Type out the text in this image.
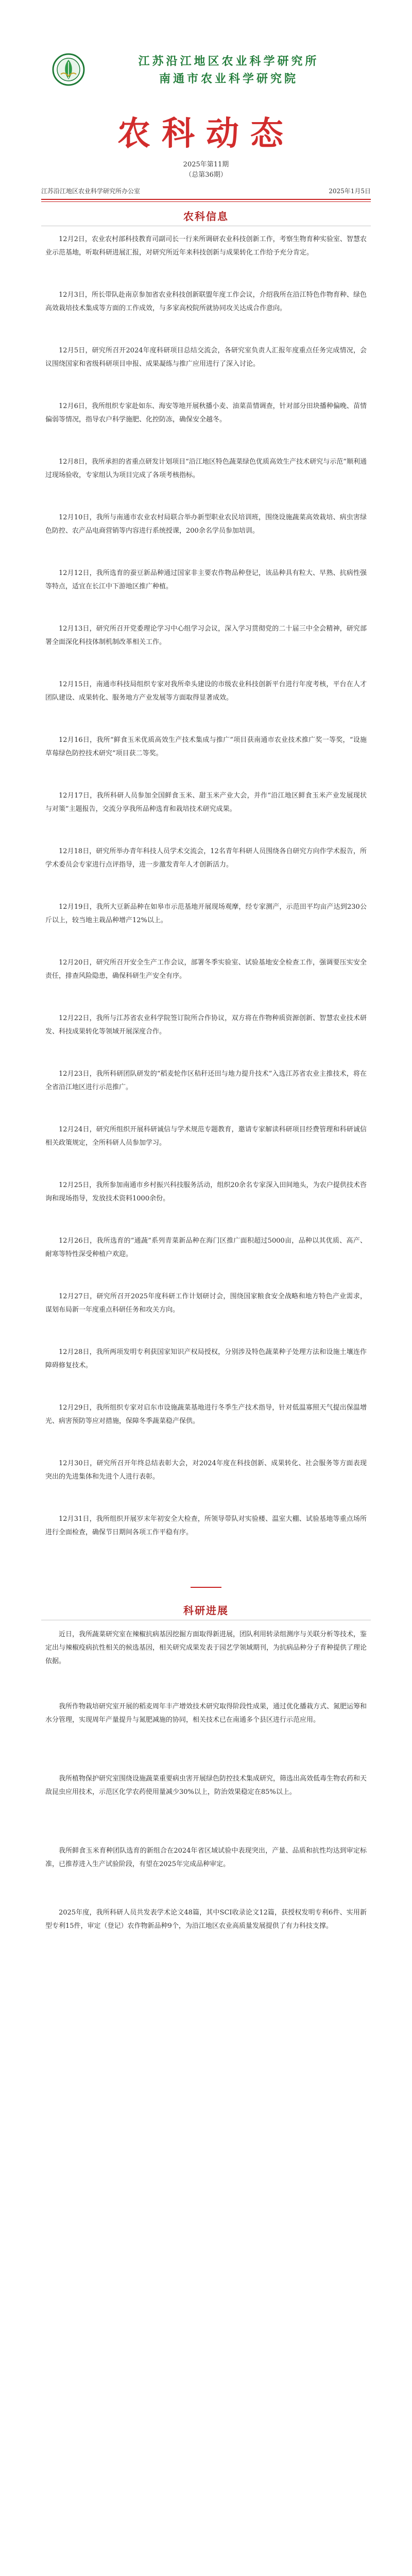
江苏沿江地区农业科学研究所
南通市农业科学研究院
农科动态
2025年第11期
（总第36期）
江苏沿江地区农业科学研究所办公室	2025年1月5日
农科信息
12月2日，农业农村部科技教育司副司长一行来所调研农业科技创新工作，考察生物育种实验室、智慧农业示范基地，听取科研进展汇报，对研究所近年来科技创新与成果转化工作给予充分肯定。
12月3日，所长带队赴南京参加省农业科技创新联盟年度工作会议，介绍我所在沿江特色作物育种、绿色高效栽培技术集成等方面的工作成效，与多家高校院所就协同攻关达成合作意向。
12月5日，研究所召开2024年度科研项目总结交流会，各研究室负责人汇报年度重点任务完成情况，会议围绕国家和省级科研项目申报、成果凝练与推广应用进行了深入讨论。
12月6日，我所组织专家赴如东、海安等地开展秋播小麦、油菜苗情调查，针对部分田块播种偏晚、苗情偏弱等情况，指导农户科学施肥、化控防冻，确保安全越冬。
12月8日，我所承担的省重点研发计划项目“沿江地区特色蔬菜绿色优质高效生产技术研究与示范”顺利通过现场验收，专家组认为项目完成了各项考核指标。
12月10日，我所与南通市农业农村局联合举办新型职业农民培训班，围绕设施蔬菜高效栽培、病虫害绿色防控、农产品电商营销等内容进行系统授课，200余名学员参加培训。
12月12日，我所选育的蚕豆新品种通过国家非主要农作物品种登记，该品种具有粒大、早熟、抗病性强等特点，适宜在长江中下游地区推广种植。
12月13日，研究所召开党委理论学习中心组学习会议，深入学习贯彻党的二十届三中全会精神，研究部署全面深化科技体制机制改革相关工作。
12月15日，南通市科技局组织专家对我所牵头建设的市级农业科技创新平台进行年度考核，平台在人才团队建设、成果转化、服务地方产业发展等方面取得显著成效。
12月16日，我所“鲜食玉米优质高效生产技术集成与推广”项目获南通市农业技术推广奖一等奖，“设施草莓绿色防控技术研究”项目获二等奖。
12月17日，我所科研人员参加全国鲜食玉米、甜玉米产业大会，并作“沿江地区鲜食玉米产业发展现状与对策”主题报告，交流分享我所品种选育和栽培技术研究成果。
12月18日，研究所举办青年科技人员学术交流会，12名青年科研人员围绕各自研究方向作学术报告，所学术委员会专家进行点评指导，进一步激发青年人才创新活力。
12月19日，我所大豆新品种在如皋市示范基地开展现场观摩，经专家测产，示范田平均亩产达到230公斤以上，较当地主栽品种增产12%以上。
12月20日，研究所召开安全生产工作会议，部署冬季实验室、试验基地安全检查工作，强调要压实安全责任，排查风险隐患，确保科研生产安全有序。
12月22日，我所与江苏省农业科学院签订院所合作协议，双方将在作物种质资源创新、智慧农业技术研发、科技成果转化等领域开展深度合作。
12月23日，我所科研团队研发的“稻麦轮作区秸秆还田与地力提升技术”入选江苏省农业主推技术，将在全省沿江地区进行示范推广。
12月24日，研究所组织开展科研诚信与学术规范专题教育，邀请专家解读科研项目经费管理和科研诚信相关政策规定，全所科研人员参加学习。
12月25日，我所参加南通市乡村振兴科技服务活动，组织20余名专家深入田间地头，为农户提供技术咨询和现场指导，发放技术资料1000余份。
12月26日，我所选育的“通蔬”系列青菜新品种在海门区推广面积超过5000亩，品种以其优质、高产、耐寒等特性深受种植户欢迎。
12月27日，研究所召开2025年度科研工作计划研讨会，围绕国家粮食安全战略和地方特色产业需求，谋划布局新一年度重点科研任务和攻关方向。
12月28日，我所两项发明专利获国家知识产权局授权，分别涉及特色蔬菜种子处理方法和设施土壤连作障碍修复技术。
12月29日，我所组织专家对启东市设施蔬菜基地进行冬季生产技术指导，针对低温寡照天气提出保温增光、病害预防等应对措施，保障冬季蔬菜稳产保供。
12月30日，研究所召开年终总结表彰大会，对2024年度在科技创新、成果转化、社会服务等方面表现突出的先进集体和先进个人进行表彰。
12月31日，我所组织开展岁末年初安全大检查，所领导带队对实验楼、温室大棚、试验基地等重点场所进行全面检查，确保节日期间各项工作平稳有序。
科研进展
近日，我所蔬菜研究室在辣椒抗病基因挖掘方面取得新进展，团队利用转录组测序与关联分析等技术，鉴定出与辣椒疫病抗性相关的候选基因，相关研究成果发表于园艺学领域期刊，为抗病品种分子育种提供了理论依据。
我所作物栽培研究室开展的稻麦周年丰产增效技术研究取得阶段性成果，通过优化播栽方式、氮肥运筹和水分管理，实现周年产量提升与氮肥减施的协同，相关技术已在南通多个县区进行示范应用。
我所植物保护研究室围绕设施蔬菜重要病虫害开展绿色防控技术集成研究，筛选出高效低毒生物农药和天敌昆虫应用技术，示范区化学农药使用量减少30%以上，防治效果稳定在85%以上。
我所鲜食玉米育种团队选育的新组合在2024年省区域试验中表现突出，产量、品质和抗性均达到审定标准，已推荐进入生产试验阶段，有望在2025年完成品种审定。
2025年度，我所科研人员共发表学术论文48篇，其中SCI收录论文12篇，获授权发明专利6件、实用新型专利15件，审定（登记）农作物新品种9个，为沿江地区农业高质量发展提供了有力科技支撑。
